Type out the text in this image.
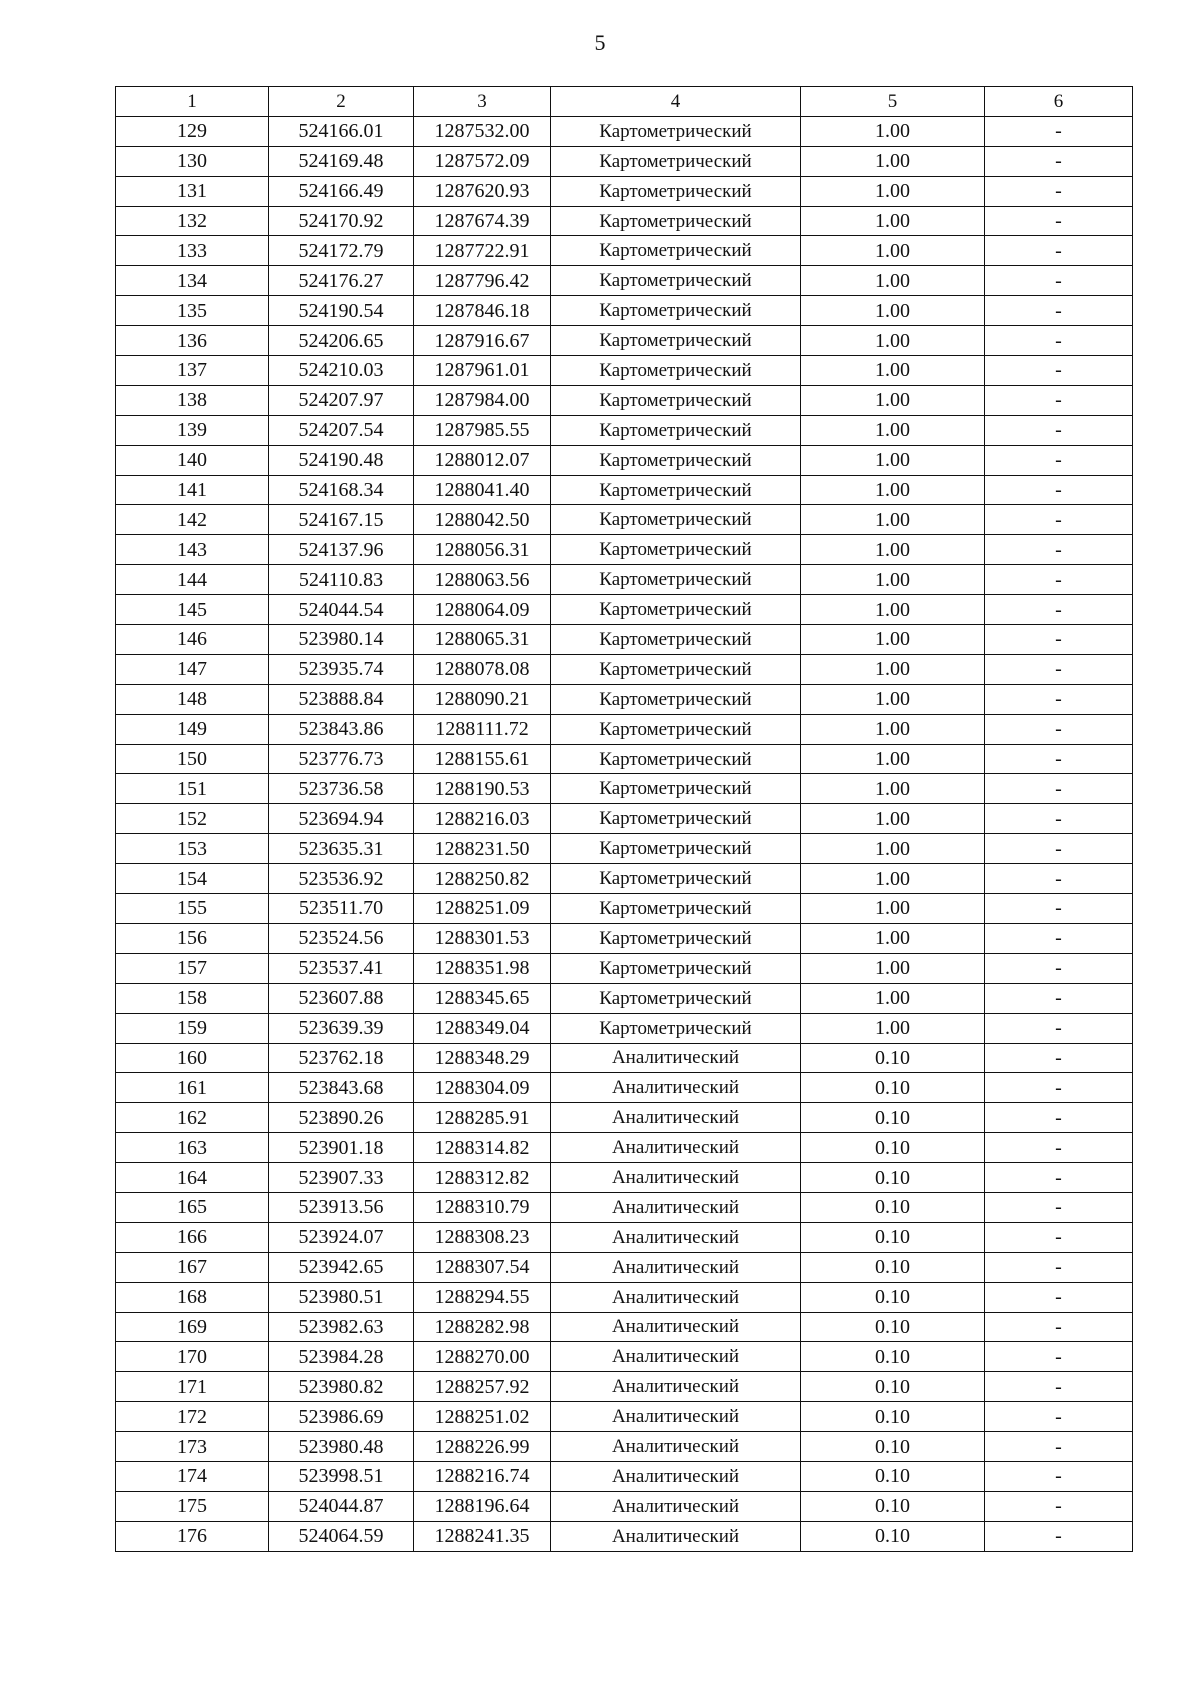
5
1	2	3	4	5	6
129	524166.01	1287532.00	Картометрический	1.00	-
130	524169.48	1287572.09	Картометрический	1.00	-
131	524166.49	1287620.93	Картометрический	1.00	-
132	524170.92	1287674.39	Картометрический	1.00	-
133	524172.79	1287722.91	Картометрический	1.00	-
134	524176.27	1287796.42	Картометрический	1.00	-
135	524190.54	1287846.18	Картометрический	1.00	-
136	524206.65	1287916.67	Картометрический	1.00	-
137	524210.03	1287961.01	Картометрический	1.00	-
138	524207.97	1287984.00	Картометрический	1.00	-
139	524207.54	1287985.55	Картометрический	1.00	-
140	524190.48	1288012.07	Картометрический	1.00	-
141	524168.34	1288041.40	Картометрический	1.00	-
142	524167.15	1288042.50	Картометрический	1.00	-
143	524137.96	1288056.31	Картометрический	1.00	-
144	524110.83	1288063.56	Картометрический	1.00	-
145	524044.54	1288064.09	Картометрический	1.00	-
146	523980.14	1288065.31	Картометрический	1.00	-
147	523935.74	1288078.08	Картометрический	1.00	-
148	523888.84	1288090.21	Картометрический	1.00	-
149	523843.86	1288111.72	Картометрический	1.00	-
150	523776.73	1288155.61	Картометрический	1.00	-
151	523736.58	1288190.53	Картометрический	1.00	-
152	523694.94	1288216.03	Картометрический	1.00	-
153	523635.31	1288231.50	Картометрический	1.00	-
154	523536.92	1288250.82	Картометрический	1.00	-
155	523511.70	1288251.09	Картометрический	1.00	-
156	523524.56	1288301.53	Картометрический	1.00	-
157	523537.41	1288351.98	Картометрический	1.00	-
158	523607.88	1288345.65	Картометрический	1.00	-
159	523639.39	1288349.04	Картометрический	1.00	-
160	523762.18	1288348.29	Аналитический	0.10	-
161	523843.68	1288304.09	Аналитический	0.10	-
162	523890.26	1288285.91	Аналитический	0.10	-
163	523901.18	1288314.82	Аналитический	0.10	-
164	523907.33	1288312.82	Аналитический	0.10	-
165	523913.56	1288310.79	Аналитический	0.10	-
166	523924.07	1288308.23	Аналитический	0.10	-
167	523942.65	1288307.54	Аналитический	0.10	-
168	523980.51	1288294.55	Аналитический	0.10	-
169	523982.63	1288282.98	Аналитический	0.10	-
170	523984.28	1288270.00	Аналитический	0.10	-
171	523980.82	1288257.92	Аналитический	0.10	-
172	523986.69	1288251.02	Аналитический	0.10	-
173	523980.48	1288226.99	Аналитический	0.10	-
174	523998.51	1288216.74	Аналитический	0.10	-
175	524044.87	1288196.64	Аналитический	0.10	-
176	524064.59	1288241.35	Аналитический	0.10	-
